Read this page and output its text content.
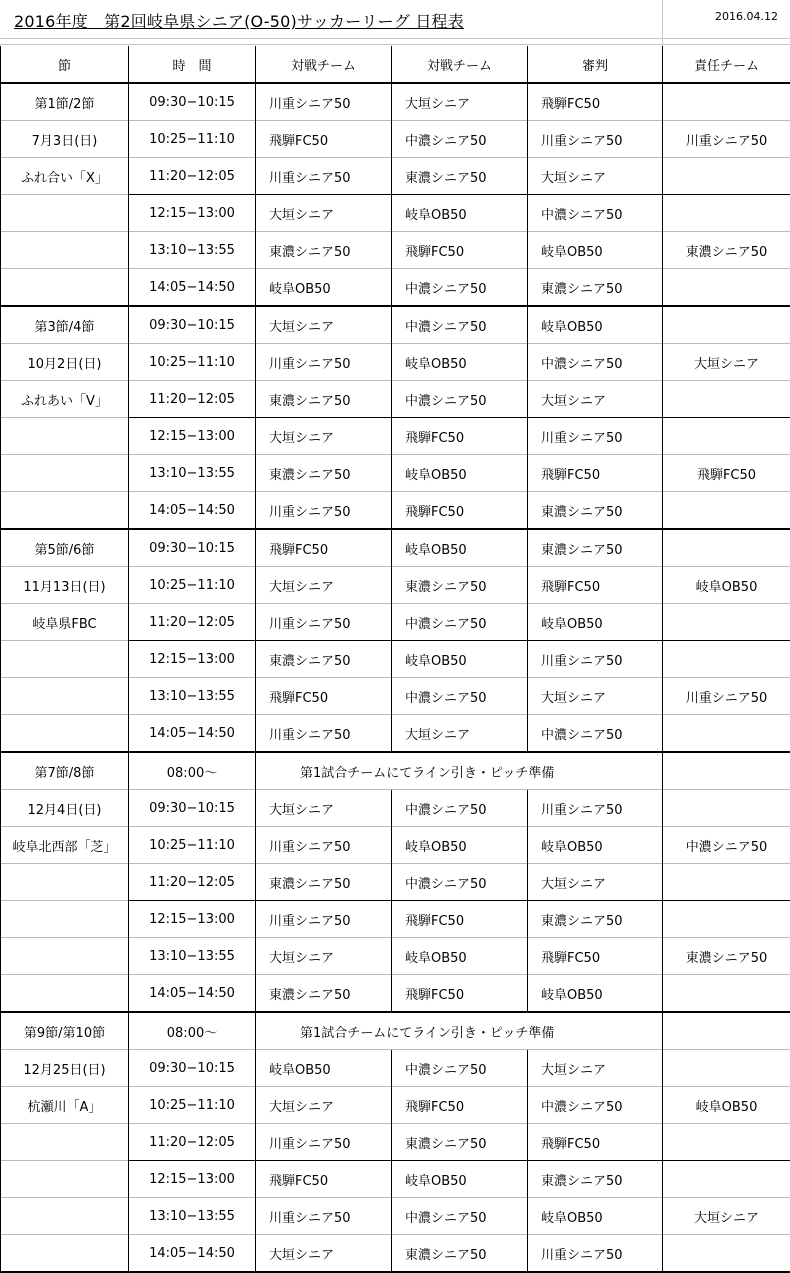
2016年度　第2回岐阜県シニア(O-50)サッカーリーグ 日程表	2016.04.12
節	時　間	対戦チーム	対戦チーム	審判	責任チーム
第1節/2節	09:30−10:15	川重シニア50	大垣シニア	飛騨FC50	
7月3日(日)	10:25−11:10	飛騨FC50	中濃シニア50	川重シニア50	川重シニア50
ふれ合い「X」	11:20−12:05	川重シニア50	東濃シニア50	大垣シニア	
	12:15−13:00	大垣シニア	岐阜OB50	中濃シニア50	
	13:10−13:55	東濃シニア50	飛騨FC50	岐阜OB50	東濃シニア50
	14:05−14:50	岐阜OB50	中濃シニア50	東濃シニア50	
第3節/4節	09:30−10:15	大垣シニア	中濃シニア50	岐阜OB50	
10月2日(日)	10:25−11:10	川重シニア50	岐阜OB50	中濃シニア50	大垣シニア
ふれあい「V」	11:20−12:05	東濃シニア50	中濃シニア50	大垣シニア	
	12:15−13:00	大垣シニア	飛騨FC50	川重シニア50	
	13:10−13:55	東濃シニア50	岐阜OB50	飛騨FC50	飛騨FC50
	14:05−14:50	川重シニア50	飛騨FC50	東濃シニア50	
第5節/6節	09:30−10:15	飛騨FC50	岐阜OB50	東濃シニア50	
11月13日(日)	10:25−11:10	大垣シニア	東濃シニア50	飛騨FC50	岐阜OB50
岐阜県FBC	11:20−12:05	川重シニア50	中濃シニア50	岐阜OB50	
	12:15−13:00	東濃シニア50	岐阜OB50	川重シニア50	
	13:10−13:55	飛騨FC50	中濃シニア50	大垣シニア	川重シニア50
	14:05−14:50	川重シニア50	大垣シニア	中濃シニア50	
第7節/8節	08:00〜	第1試合チームにてライン引き・ピッチ準備			
12月4日(日)	09:30−10:15	大垣シニア	中濃シニア50	川重シニア50	
岐阜北西部「芝」	10:25−11:10	川重シニア50	岐阜OB50	岐阜OB50	中濃シニア50
	11:20−12:05	東濃シニア50	中濃シニア50	大垣シニア	
	12:15−13:00	川重シニア50	飛騨FC50	東濃シニア50	
	13:10−13:55	大垣シニア	岐阜OB50	飛騨FC50	東濃シニア50
	14:05−14:50	東濃シニア50	飛騨FC50	岐阜OB50	
第9節/第10節	08:00〜	第1試合チームにてライン引き・ピッチ準備			
12月25日(日)	09:30−10:15	岐阜OB50	中濃シニア50	大垣シニア	
杭瀬川「A」	10:25−11:10	大垣シニア	飛騨FC50	中濃シニア50	岐阜OB50
	11:20−12:05	川重シニア50	東濃シニア50	飛騨FC50	
	12:15−13:00	飛騨FC50	岐阜OB50	東濃シニア50	
	13:10−13:55	川重シニア50	中濃シニア50	岐阜OB50	大垣シニア
	14:05−14:50	大垣シニア	東濃シニア50	川重シニア50	
